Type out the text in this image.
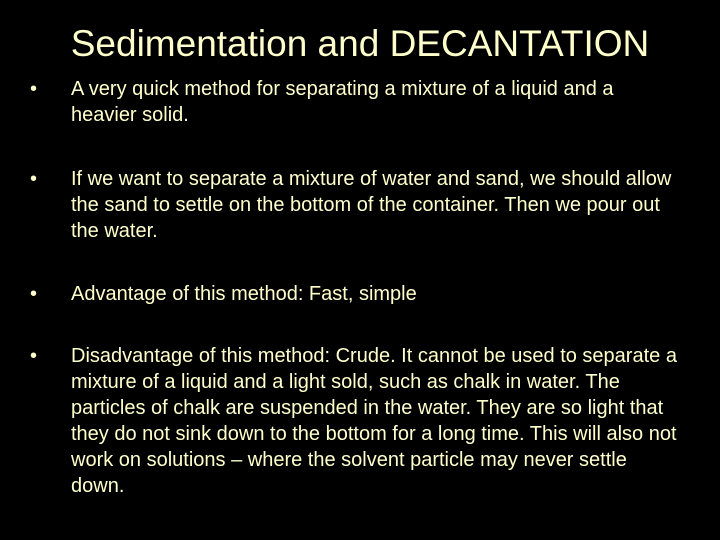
Sedimentation and DECANTATION
• A very quick method for separating a mixture of a liquid and a heavier solid.
• If we want to separate a mixture of water and sand, we should allow the sand to settle on the bottom of the container. Then we pour out the water.
• Advantage of this method: Fast, simple
• Disadvantage of this method: Crude. It cannot be used to separate a mixture of a liquid and a light sold, such as chalk in water. The particles of chalk are suspended in the water. They are so light that they do not sink down to the bottom for a long time. This will also not work on solutions – where the solvent particle may never settle down.
